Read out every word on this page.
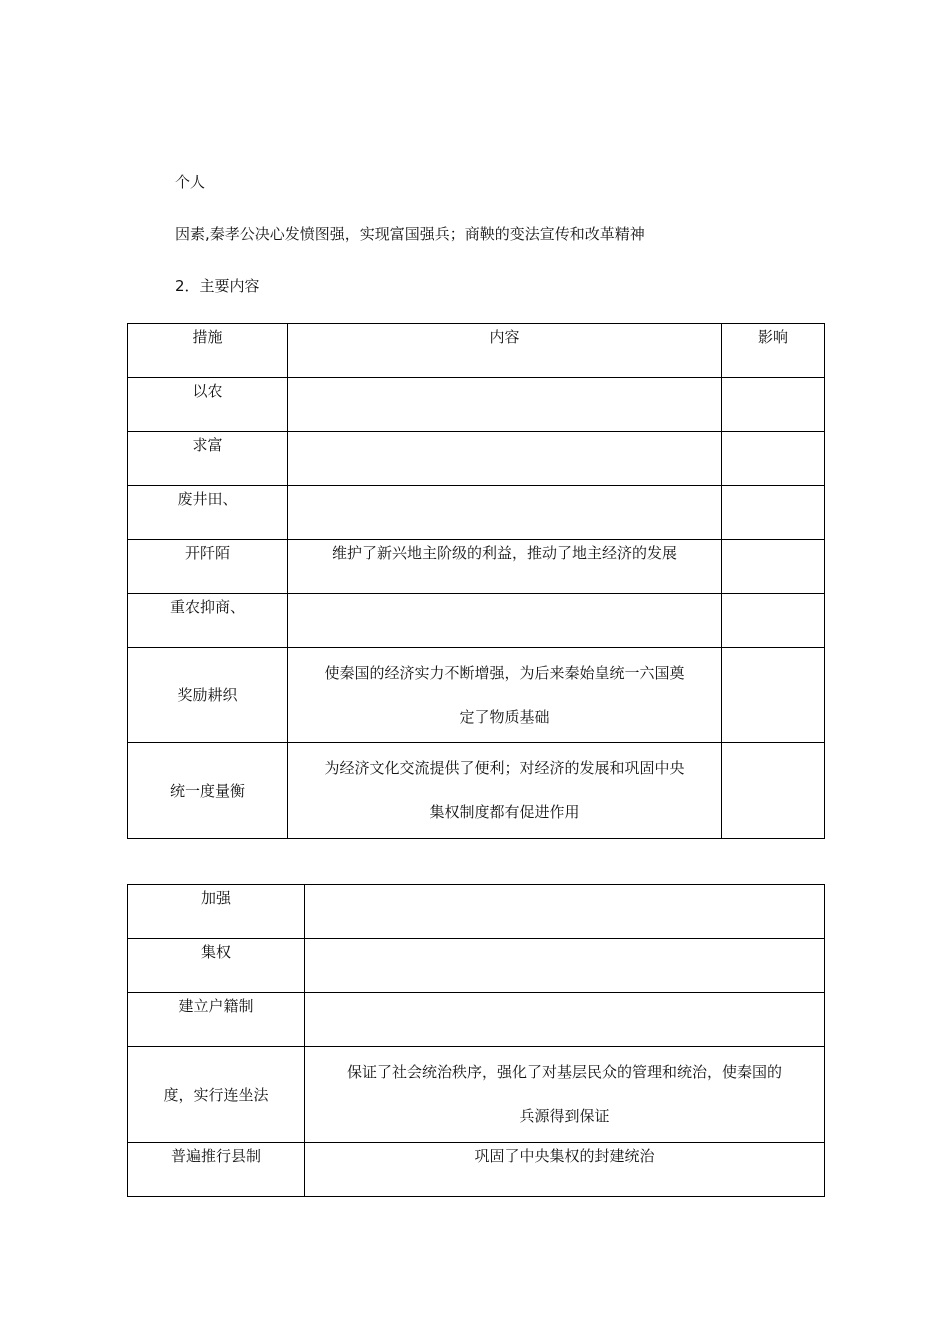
个人

因素,秦孝公决心发愤图强，实现富国强兵；商鞅的变法宣传和改革精神

2．主要内容

措施	内容	影响

以农		

求富		

废井田、		

开阡陌	维护了新兴地主阶级的利益，推动了地主经济的发展	

重农抑商、		

奖励耕织	使秦国的经济实力不断增强，为后来秦始皇统一六国奠
定了物质基础	

统一度量衡	为经济文化交流提供了便利；对经济的发展和巩固中央
集权制度都有促进作用	

加强	

集权	

建立户籍制	

度，实行连坐法	保证了社会统治秩序，强化了对基层民众的管理和统治，使秦国的
兵源得到保证

普遍推行县制	巩固了中央集权的封建统治
